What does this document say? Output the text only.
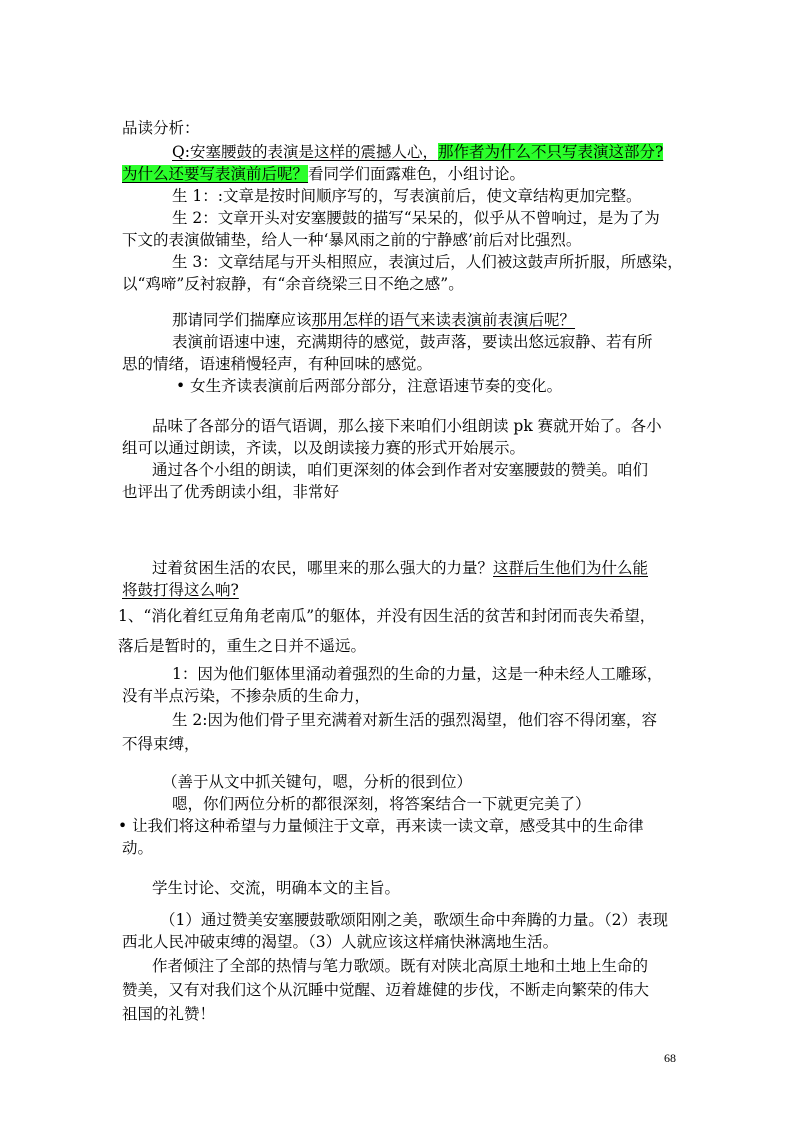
品读分析：
Q:安塞腰鼓的表演是这样的震撼人心，那作者为什么不只写表演这部分?
为什么还要写表演前后呢？看同学们面露难色，小组讨论。
生 1：:文章是按时间顺序写的，写表演前后，使文章结构更加完整。
生 2：文章开头对安塞腰鼓的描写“呆呆的，似乎从不曾响过，是为了为
下文的表演做铺垫，给人一种‘暴风雨之前的宁静感’前后对比强烈。
生 3：文章结尾与开头相照应，表演过后，人们被这鼓声所折服，所感染，
以“鸡啼”反衬寂静，有“余音绕梁三日不绝之感”。
那请同学们揣摩应该那用怎样的语气来读表演前表演后呢？
表演前语速中速，充满期待的感觉，鼓声落，要读出悠远寂静、若有所
思的情绪，语速稍慢轻声，有种回味的感觉。
• 女生齐读表演前后两部分部分，注意语速节奏的变化。
品味了各部分的语气语调，那么接下来咱们小组朗读 pk 赛就开始了。各小
组可以通过朗读，齐读，以及朗读接力赛的形式开始展示。
通过各个小组的朗读，咱们更深刻的体会到作者对安塞腰鼓的赞美。咱们
也评出了优秀朗读小组，非常好
过着贫困生活的农民，哪里来的那么强大的力量？这群后生他们为什么能
将鼓打得这么响?
1、“消化着红豆角角老南瓜”的躯体，并没有因生活的贫苦和封闭而丧失希望，
落后是暂时的，重生之日并不遥远。
1：因为他们躯体里涌动着强烈的生命的力量，这是一种未经人工雕琢，
没有半点污染，不掺杂质的生命力，
生 2:因为他们骨子里充满着对新生活的强烈渴望，他们容不得闭塞，容
不得束缚，
（善于从文中抓关键句，嗯，分析的很到位）
嗯，你们两位分析的都很深刻，将答案结合一下就更完美了）
• 让我们将这种希望与力量倾注于文章，再来读一读文章，感受其中的生命律
动。
学生讨论、交流，明确本文的主旨。
（1）通过赞美安塞腰鼓歌颂阳刚之美，歌颂生命中奔腾的力量。（2）表现
西北人民冲破束缚的渴望。（3）人就应该这样痛快淋漓地生活。
作者倾注了全部的热情与笔力歌颂。既有对陕北高原土地和土地上生命的
赞美，又有对我们这个从沉睡中觉醒、迈着雄健的步伐，不断走向繁荣的伟大
祖国的礼赞！
68
